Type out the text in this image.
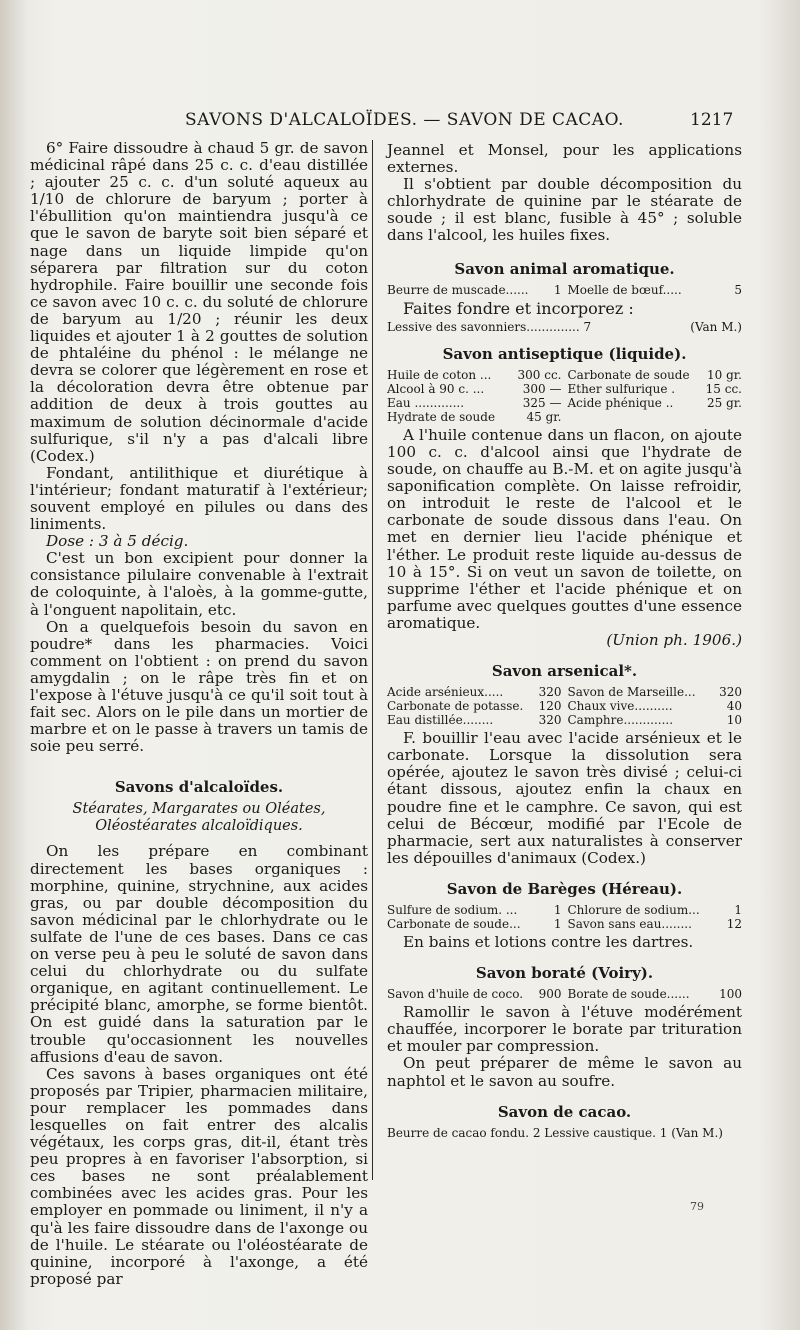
SAVONS D'ALCALOÏDES. — SAVON DE CACAO.	1217

6° Faire dissoudre à chaud 5 gr. de savon médicinal râpé dans 25 c. c. d'eau distillée ; ajouter 25 c. c. d'un soluté aqueux au 1/10 de chlorure de baryum ; porter à l'ébullition qu'on maintiendra jusqu'à ce que le savon de baryte soit bien séparé et nage dans un liquide limpide qu'on séparera par filtration sur du coton hydrophile. Faire bouillir une seconde fois ce savon avec 10 c. c. du soluté de chlorure de baryum au 1/20 ; réunir les deux liquides et ajouter 1 à 2 gouttes de solution de phtaléine du phénol : le mélange ne devra se colorer que légèrement en rose et la décoloration devra être obtenue par addition de deux à trois gouttes au maximum de solution décinormale d'acide sulfurique, s'il n'y a pas d'alcali libre (Codex.)

Fondant, antilithique et diurétique à l'intérieur; fondant maturatif à l'extérieur; souvent employé en pilules ou dans des liniments.

Dose : 3 à 5 décig.

C'est un bon excipient pour donner la consistance pilulaire convenable à l'extrait de coloquinte, à l'aloès, à la gomme-gutte, à l'onguent napolitain, etc.

On a quelquefois besoin du savon en poudre* dans les pharmacies. Voici comment on l'obtient : on prend du savon amygdalin ; on le râpe très fin et on l'expose à l'étuve jusqu'à ce qu'il soit tout à fait sec. Alors on le pile dans un mortier de marbre et on le passe à travers un tamis de soie peu serré.

Savons d'alcaloïdes.
Stéarates, Margarates ou Oléates, Oléostéarates alcaloïdiques.

On les prépare en combinant directement les bases organiques : morphine, quinine, strychnine, aux acides gras, ou par double décomposition du savon médicinal par le chlorhydrate ou le sulfate de l'une de ces bases. Dans ce cas on verse peu à peu le soluté de savon dans celui du chlorhydrate ou du sulfate organique, en agitant continuellement. Le précipité blanc, amorphe, se forme bientôt. On est guidé dans la saturation par le trouble qu'occasionnent les nouvelles affusions d'eau de savon.

Ces savons à bases organiques ont été proposés par Tripier, pharmacien militaire, pour remplacer les pommades dans lesquelles on fait entrer des alcalis végétaux, les corps gras, dit-il, étant très peu propres à en favoriser l'absorption, si ces bases ne sont préalablement combinées avec les acides gras. Pour les employer en pommade ou liniment, il n'y a qu'à les faire dissoudre dans de l'axonge ou de l'huile. Le stéarate ou l'oléostéarate de quinine, incorporé à l'axonge, a été proposé par

Jeannel et Monsel, pour les applications externes.

Il s'obtient par double décomposition du chlorhydrate de quinine par le stéarate de soude ; il est blanc, fusible à 45° ; soluble dans l'alcool, les huiles fixes.

Savon animal aromatique.
Beurre de muscade...... 1 Moelle de bœuf.....	5

Faites fondre et incorporez :

Lessive des savonniers.............. 7	(Van M.)
Savon antiseptique (liquide).
Huile de coton ... 300 cc. Carbonate de soude 10 gr.
Alcool à 90 c. ...	300 — Ether sulfurique .	15 cc.
Eau .............	325 — Acide phénique ..	25 gr.
Hydrate de soude	45 gr.

A l'huile contenue dans un flacon, on ajoute 100 c. c. d'alcool ainsi que l'hydrate de soude, on chauffe au B.-M. et on agite jusqu'à saponification complète. On laisse refroidir, on introduit le reste de l'alcool et le carbonate de soude dissous dans l'eau. On met en dernier lieu l'acide phénique et l'éther. Le produit reste liquide au-dessus de 10 à 15°. Si on veut un savon de toilette, on supprime l'éther et l'acide phénique et on parfume avec quelques gouttes d'une essence aromatique.

(Union ph. 1906.)

Savon arsenical*.
Acide arsénieux.....	320 Savon de Marseille... 320
Carbonate de potasse. 120 Chaux vive..........	40
Eau distillée........	320 Camphre.............	10

F. bouillir l'eau avec l'acide arsénieux et le carbonate. Lorsque la dissolution sera opérée, ajoutez le savon très divisé ; celui-ci étant dissous, ajoutez enfin la chaux en poudre fine et le camphre. Ce savon, qui est celui de Bécœur, modifié par l'Ecole de pharmacie, sert aux naturalistes à conserver les dépouilles d'animaux (Codex.)

Savon de Barèges (Héreau).
Sulfure de sodium. ...	1 Chlorure de sodium...	1
Carbonate de soude...	1 Savon sans eau........	12

En bains et lotions contre les dartres.

Savon boraté (Voiry).
Savon d'huile de coco. 900 Borate de soude...... 100

Ramollir le savon à l'étuve modérément chauffée, incorporer le borate par trituration et mouler par compression.

On peut préparer de même le savon au naphtol et le savon au soufre.

Savon de cacao.
Beurre de cacao fondu. 2 Lessive caustique. 1 (Van M.)
79
